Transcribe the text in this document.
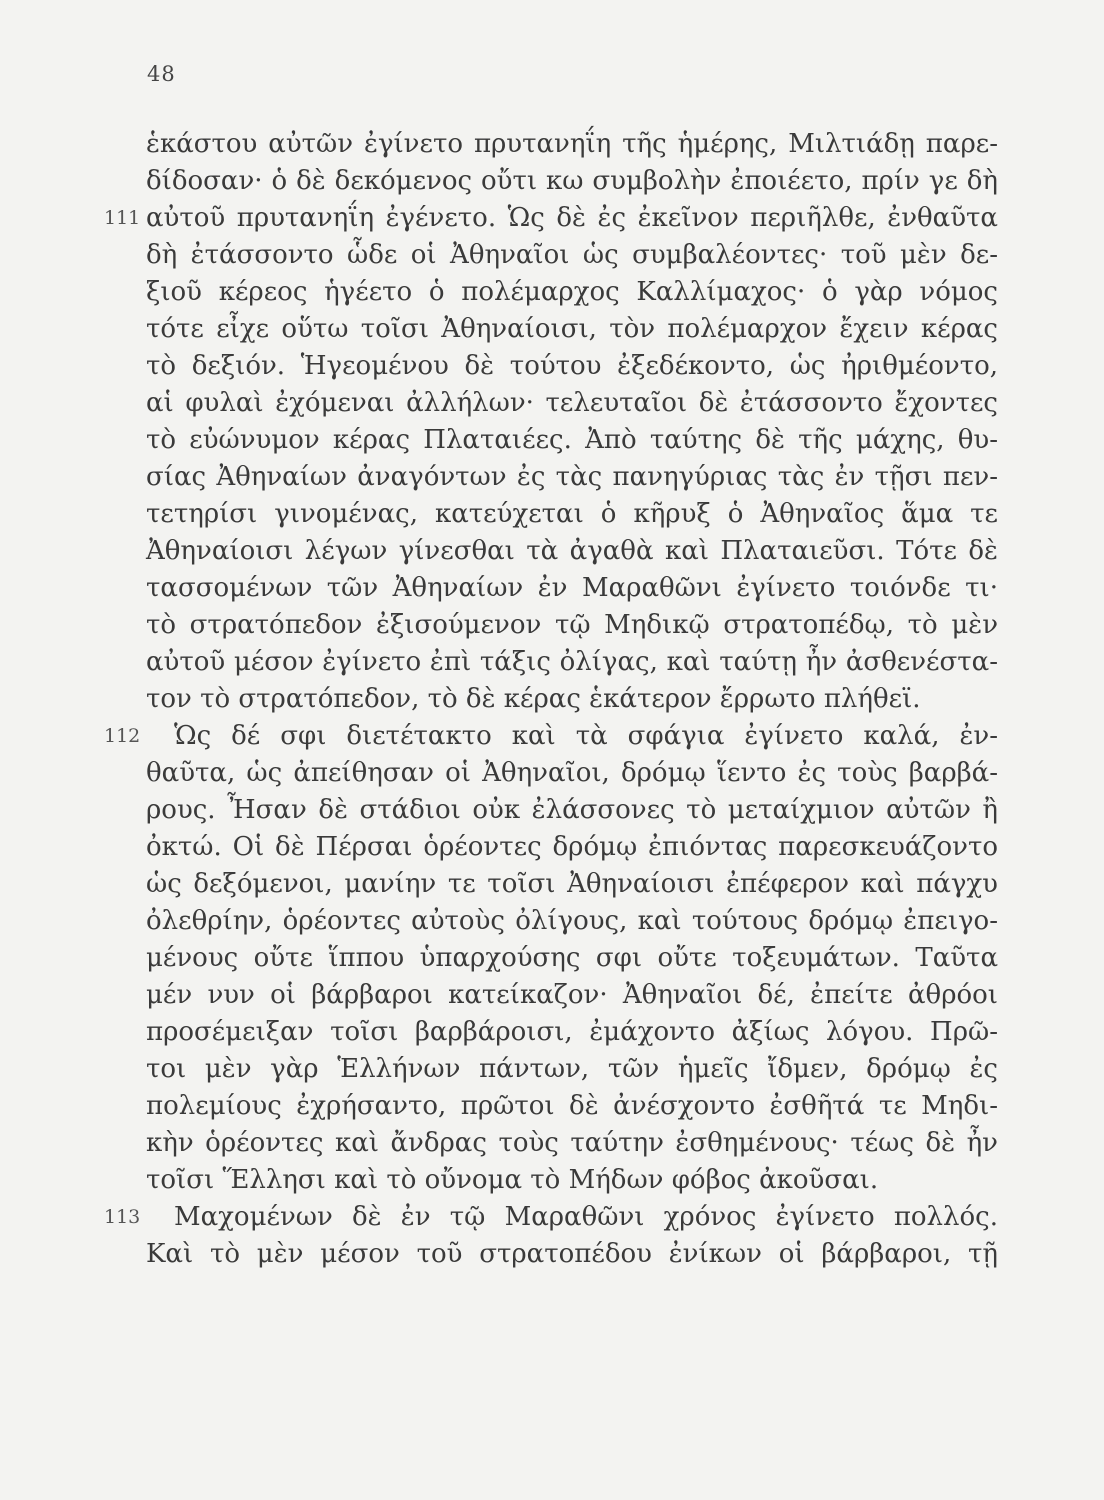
48
ἑκάστου αὐτῶν ἐγίνετο πρυτανηΐη τῆς ἡμέρης, Μιλτιάδῃ παρε-
δίδοσαν· ὁ δὲ δεκόμενος οὔτι κω συμβολὴν ἐποιέετο, πρίν γε δὴ
111 αὐτοῦ πρυτανηΐη ἐγένετο. Ὡς δὲ ἐς ἐκεῖνον περιῆλθε, ἐνθαῦτα
δὴ ἐτάσσοντο ὧδε οἱ Ἀθηναῖοι ὡς συμβαλέοντες· τοῦ μὲν δε-
ξιοῦ κέρεος ἡγέετο ὁ πολέμαρχος Καλλίμαχος· ὁ γὰρ νόμος
τότε εἶχε οὕτω τοῖσι Ἀθηναίοισι, τὸν πολέμαρχον ἔχειν κέρας
τὸ δεξιόν. Ἡγεομένου δὲ τούτου ἐξεδέκοντο, ὡς ἠριθμέοντο,
αἱ φυλαὶ ἐχόμεναι ἀλλήλων· τελευταῖοι δὲ ἐτάσσοντο ἔχοντες
τὸ εὐώνυμον κέρας Πλαταιέες. Ἀπὸ ταύτης δὲ τῆς μάχης, θυ-
σίας Ἀθηναίων ἀναγόντων ἐς τὰς πανηγύριας τὰς ἐν τῇσι πεν-
τετηρίσι γινομένας, κατεύχεται ὁ κῆρυξ ὁ Ἀθηναῖος ἅμα τε
Ἀθηναίοισι λέγων γίνεσθαι τὰ ἀγαθὰ καὶ Πλαταιεῦσι. Τότε δὲ
τασσομένων τῶν Ἀθηναίων ἐν Μαραθῶνι ἐγίνετο τοιόνδε τι·
τὸ στρατόπεδον ἐξισούμενον τῷ Μηδικῷ στρατοπέδῳ, τὸ μὲν
αὐτοῦ μέσον ἐγίνετο ἐπὶ τάξις ὀλίγας, καὶ ταύτῃ ἦν ἀσθενέστα-
τον τὸ στρατόπεδον, τὸ δὲ κέρας ἑκάτερον ἔρρωτο πλήθεϊ.
112 Ὡς δέ σφι διετέτακτο καὶ τὰ σφάγια ἐγίνετο καλά, ἐν-
θαῦτα, ὡς ἀπείθησαν οἱ Ἀθηναῖοι, δρόμῳ ἵεντο ἐς τοὺς βαρβά-
ρους. Ἦσαν δὲ στάδιοι οὐκ ἐλάσσονες τὸ μεταίχμιον αὐτῶν ἢ
ὀκτώ. Οἱ δὲ Πέρσαι ὁρέοντες δρόμῳ ἐπιόντας παρεσκευάζοντο
ὡς δεξόμενοι, μανίην τε τοῖσι Ἀθηναίοισι ἐπέφερον καὶ πάγχυ
ὀλεθρίην, ὁρέοντες αὐτοὺς ὀλίγους, καὶ τούτους δρόμῳ ἐπειγο-
μένους οὔτε ἵππου ὑπαρχούσης σφι οὔτε τοξευμάτων. Ταῦτα
μέν νυν οἱ βάρβαροι κατείκαζον· Ἀθηναῖοι δέ, ἐπείτε ἀθρόοι
προσέμειξαν τοῖσι βαρβάροισι, ἐμάχοντο ἀξίως λόγου. Πρῶ-
τοι μὲν γὰρ Ἑλλήνων πάντων, τῶν ἡμεῖς ἴδμεν, δρόμῳ ἐς
πολεμίους ἐχρήσαντο, πρῶτοι δὲ ἀνέσχοντο ἐσθῆτά τε Μηδι-
κὴν ὁρέοντες καὶ ἄνδρας τοὺς ταύτην ἐσθημένους· τέως δὲ ἦν
τοῖσι Ἕλλησι καὶ τὸ οὔνομα τὸ Μήδων φόβος ἀκοῦσαι.
113 Μαχομένων δὲ ἐν τῷ Μαραθῶνι χρόνος ἐγίνετο πολλός.
Καὶ τὸ μὲν μέσον τοῦ στρατοπέδου ἐνίκων οἱ βάρβαροι, τῇ
